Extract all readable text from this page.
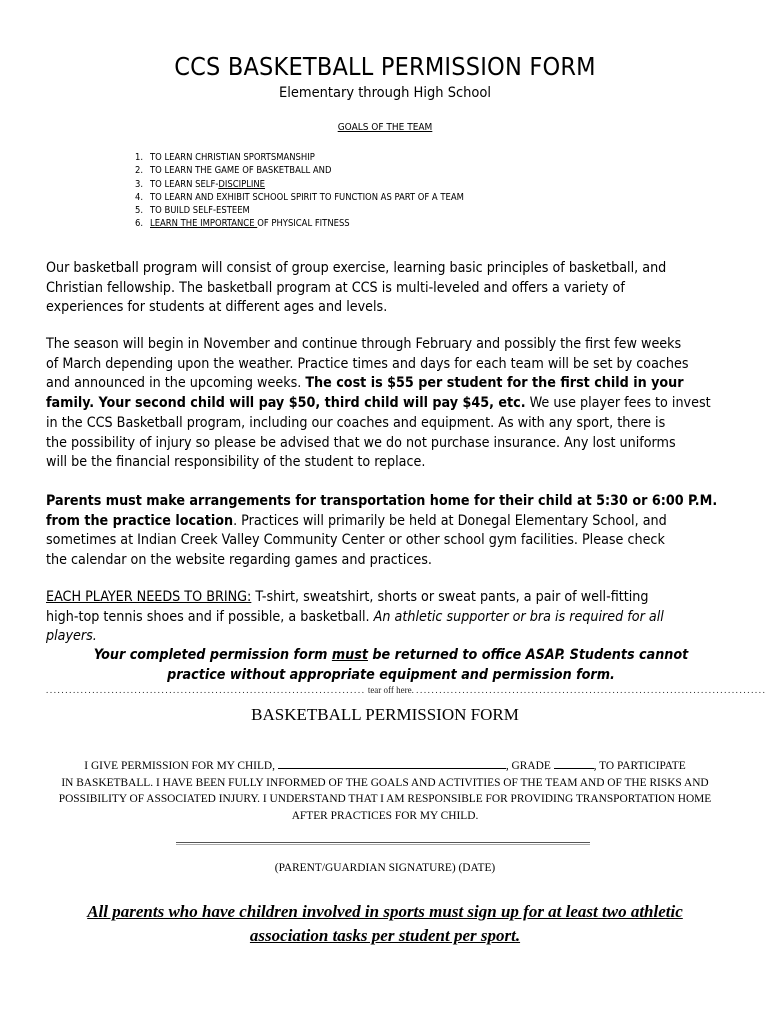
CCS BASKETBALL PERMISSION FORM
Elementary through High School
GOALS OF THE TEAM
1. TO LEARN CHRISTIAN SPORTSMANSHIP
2. TO LEARN THE GAME OF BASKETBALL AND
3. TO LEARN SELF-DISCIPLINE
4. TO LEARN AND EXHIBIT SCHOOL SPIRIT TO FUNCTION AS PART OF A TEAM
5. TO BUILD SELF-ESTEEM
6. LEARN THE IMPORTANCE OF PHYSICAL FITNESS
Our basketball program will consist of group exercise, learning basic principles of basketball, and
Christian fellowship. The basketball program at CCS is multi-leveled and offers a variety of
experiences for students at different ages and levels.
The season will begin in November and continue through February and possibly the first few weeks
of March depending upon the weather. Practice times and days for each team will be set by coaches
and announced in the upcoming weeks. The cost is $55 per student for the first child in your
family. Your second child will pay $50, third child will pay $45, etc. We use player fees to invest
in the CCS Basketball program, including our coaches and equipment. As with any sport, there is
the possibility of injury so please be advised that we do not purchase insurance. Any lost uniforms
will be the financial responsibility of the student to replace.
Parents must make arrangements for transportation home for their child at 5:30 or 6:00 P.M.
from the practice location. Practices will primarily be held at Donegal Elementary School, and
sometimes at Indian Creek Valley Community Center or other school gym facilities. Please check
the calendar on the website regarding games and practices.
EACH PLAYER NEEDS TO BRING: T-shirt, sweatshirt, shorts or sweat pants, a pair of well-fitting
high-top tennis shoes and if possible, a basketball. An athletic supporter or bra is required for all
players.
Your completed permission form must be returned to office ASAP. Students cannot
practice without appropriate equipment and permission form.
................................................................................... tear off here. ...........................................................................................
BASKETBALL PERMISSION FORM
I GIVE PERMISSION FOR MY CHILD,	, GRADE	, TO PARTICIPATE
IN BASKETBALL. I HAVE BEEN FULLY INFORMED OF THE GOALS AND ACTIVITIES OF THE TEAM AND OF THE RISKS AND
POSSIBILITY OF ASSOCIATED INJURY. I UNDERSTAND THAT I AM RESPONSIBLE FOR PROVIDING TRANSPORTATION HOME
AFTER PRACTICES FOR MY CHILD.
(PARENT/GUARDIAN SIGNATURE) (DATE)
All parents who have children involved in sports must sign up for at least two athletic
association tasks per student per sport.
